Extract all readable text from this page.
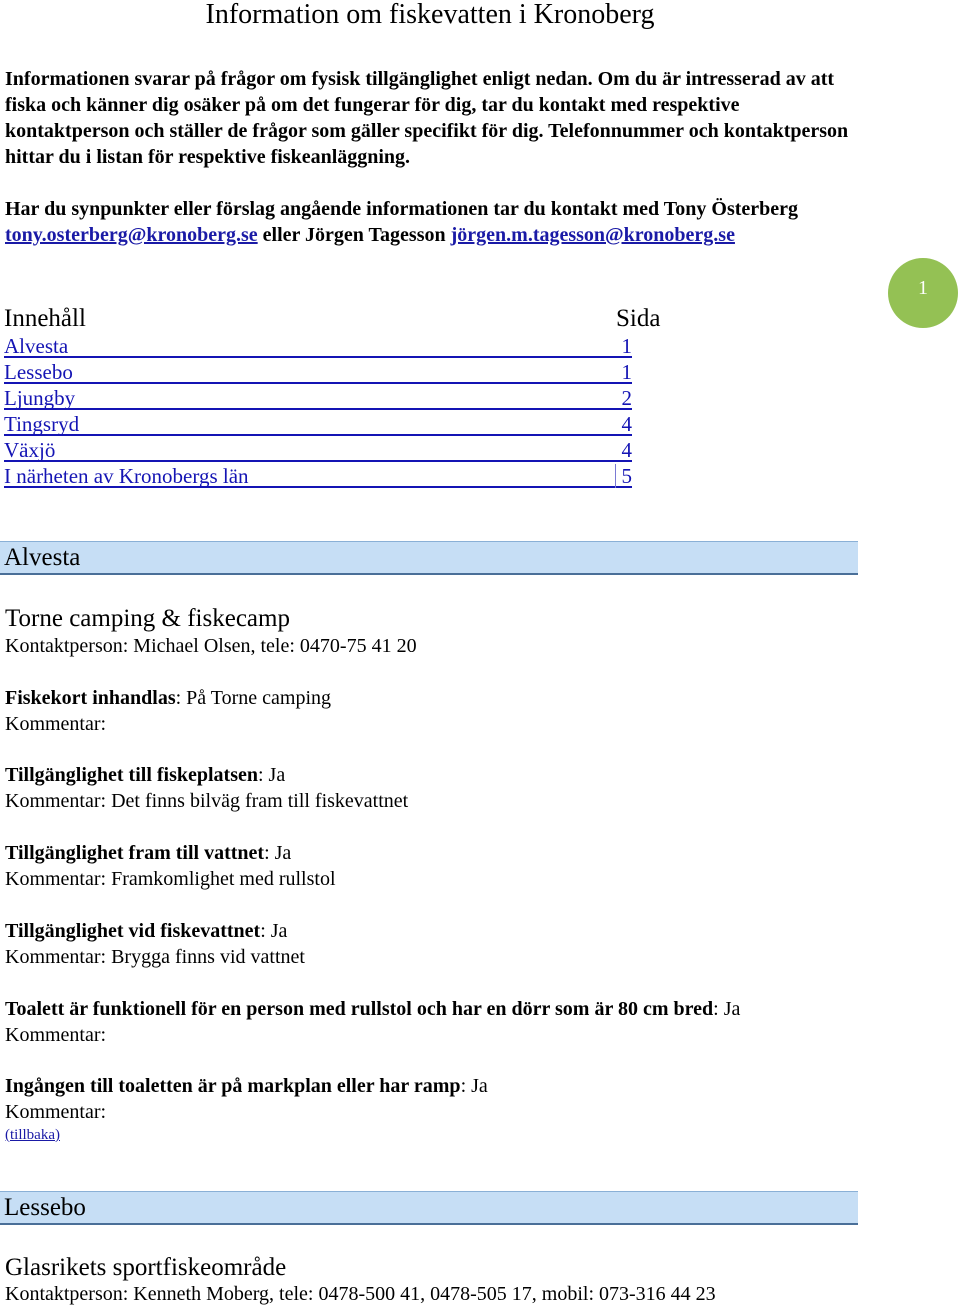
Information om fiskevatten i Kronoberg

Informationen svarar på frågor om fysisk tillgänglighet enligt nedan. Om du är intresserad av att fiska och känner dig osäker på om det fungerar för dig, tar du kontakt med respektive kontaktperson och ställer de frågor som gäller specifikt för dig. Telefonnummer och kontaktperson hittar du i listan för respektive fiskeanläggning.

Har du synpunkter eller förslag angående informationen tar du kontakt med Tony Österberg tony.osterberg@kronoberg.se eller Jörgen Tagesson jörgen.m.tagesson@kronoberg.se

1
Innehåll	Sida
Alvesta	1
Lessebo	1
Ljungby	2
Tingsryd	4
Växjö	4
I närheten av Kronobergs län	5
Alvesta
Torne camping & fiskecamp
Kontaktperson: Michael Olsen, tele: 0470-75 41 20
Fiskekort inhandlas: På Torne camping
Kommentar:
Tillgänglighet till fiskeplatsen: Ja
Kommentar: Det finns bilväg fram till fiskevattnet
Tillgänglighet fram till vattnet: Ja
Kommentar: Framkomlighet med rullstol
Tillgänglighet vid fiskevattnet: Ja
Kommentar: Brygga finns vid vattnet
Toalett är funktionell för en person med rullstol och har en dörr som är 80 cm bred: Ja
Kommentar:
Ingången till toaletten är på markplan eller har ramp: Ja
Kommentar:
(tillbaka)
Lessebo
Glasrikets sportfiskeområde
Kontaktperson: Kenneth Moberg, tele: 0478-500 41, 0478-505 17, mobil: 073-316 44 23
